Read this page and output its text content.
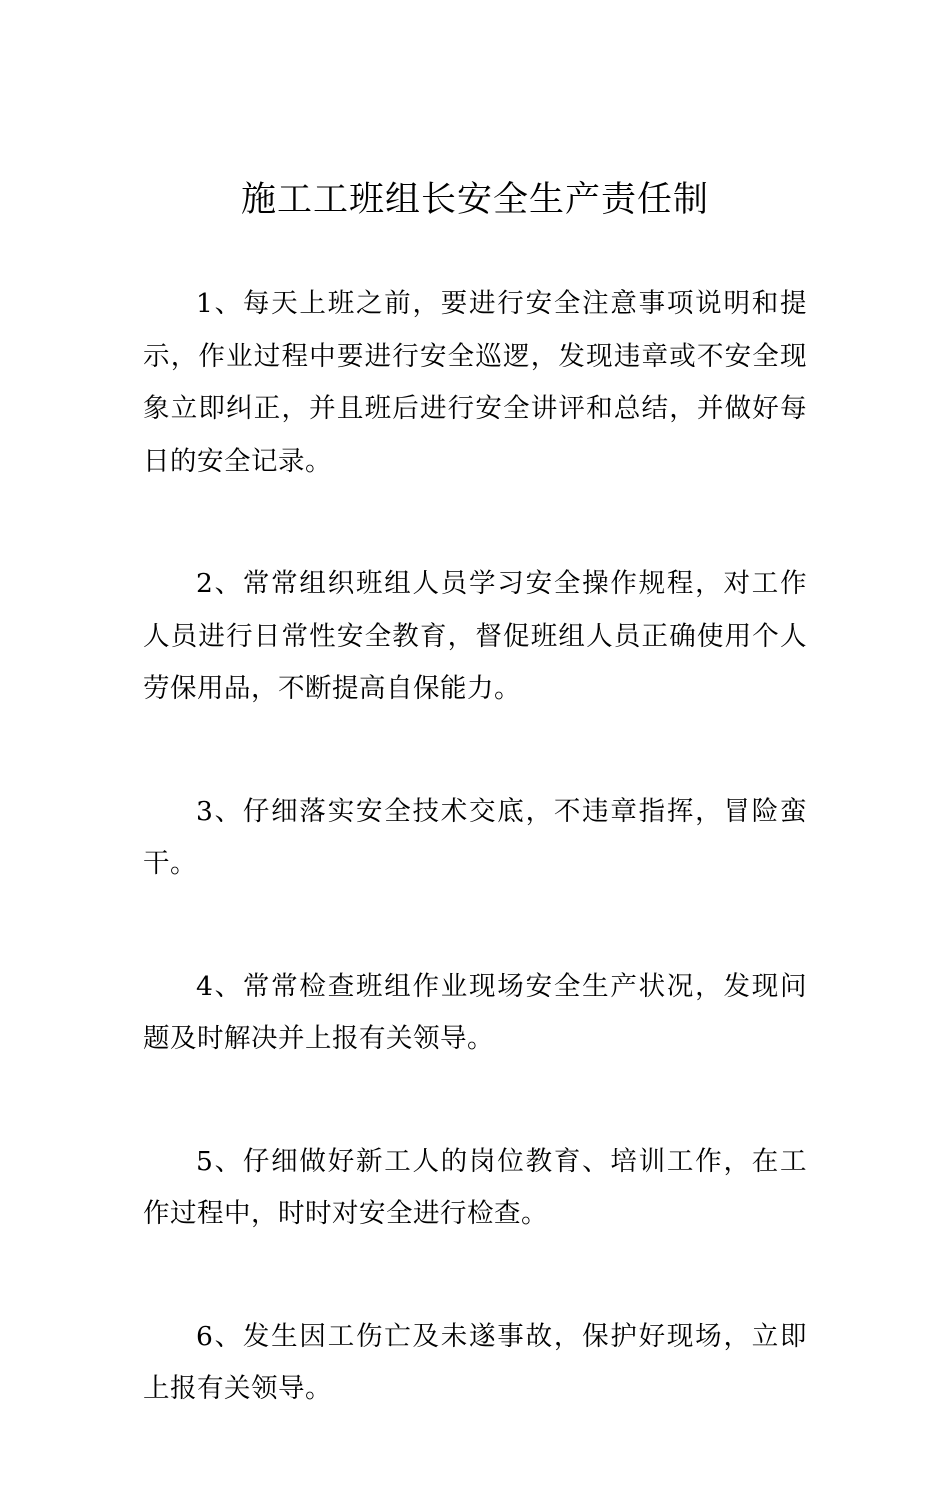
施工工班组长安全生产责任制

1、每天上班之前，要进行安全注意事项说明和提示，作业过程中要进行安全巡逻，发现违章或不安全现象立即纠正，并且班后进行安全讲评和总结，并做好每日的安全记录。

2、常常组织班组人员学习安全操作规程，对工作人员进行日常性安全教育，督促班组人员正确使用个人劳保用品，不断提高自保能力。

3、仔细落实安全技术交底，不违章指挥，冒险蛮干。

4、常常检查班组作业现场安全生产状况，发现问题及时解决并上报有关领导。

5、仔细做好新工人的岗位教育、培训工作，在工作过程中，时时对安全进行检查。

6、发生因工伤亡及未遂事故，保护好现场，立即上报有关领导。
